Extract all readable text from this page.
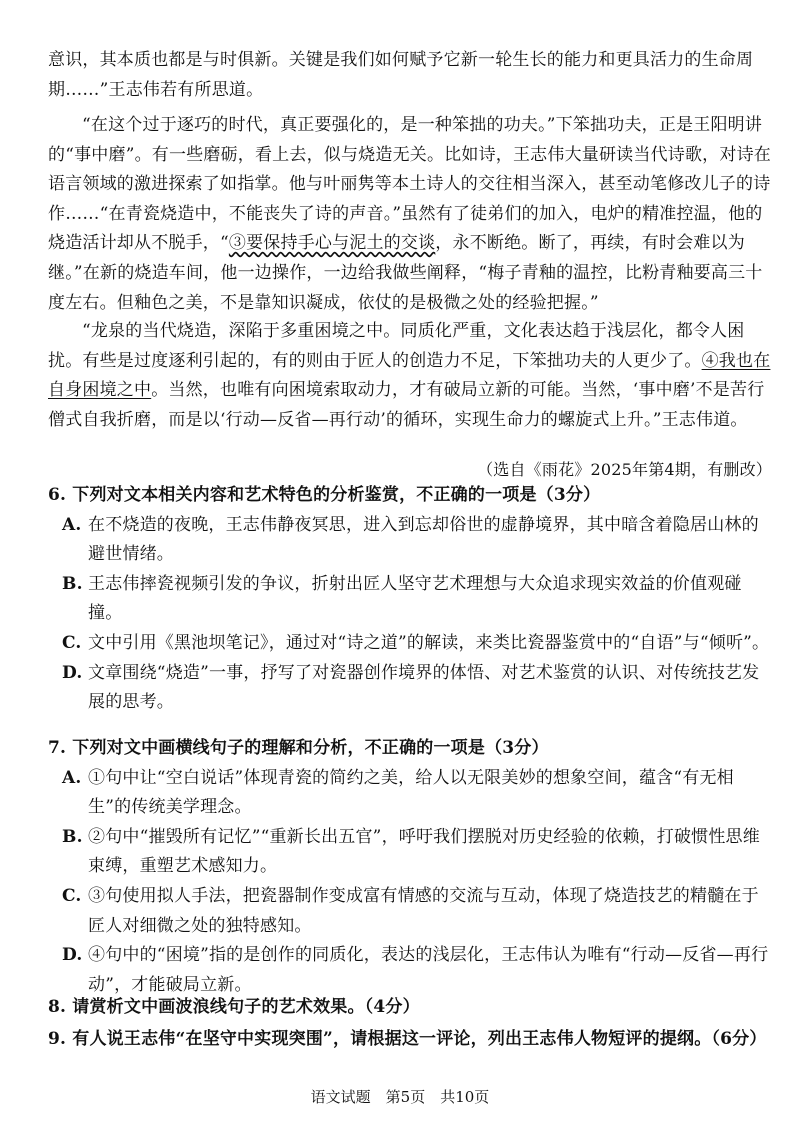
意识，其本质也都是与时俱新。关键是我们如何赋予它新一轮生长的能力和更具活力的生命周期……”王志伟若有所思道。
“在这个过于逐巧的时代，真正要强化的，是一种笨拙的功夫。”下笨拙功夫，正是王阳明讲的“事中磨”。有一些磨砺，看上去，似与烧造无关。比如诗，王志伟大量研读当代诗歌，对诗在语言领域的激进探索了如指掌。他与叶丽隽等本土诗人的交往相当深入，甚至动笔修改儿子的诗作……“在青瓷烧造中，不能丧失了诗的声音。”虽然有了徒弟们的加入，电炉的精准控温，他的烧造活计却从不脱手，“③要保持手心与泥土的交谈，永不断绝。断了，再续，有时会难以为继。”在新的烧造车间，他一边操作，一边给我做些阐释，“梅子青釉的温控，比粉青釉要高三十度左右。但釉色之美，不是靠知识凝成，依仗的是极微之处的经验把握。”
“龙泉的当代烧造，深陷于多重困境之中。同质化严重，文化表达趋于浅层化，都令人困扰。有些是过度逐利引起的，有的则由于匠人的创造力不足，下笨拙功夫的人更少了。④我也在自身困境之中。当然，也唯有向困境索取动力，才有破局立新的可能。当然，‘事中磨’不是苦行僧式自我折磨，而是以‘行动—反省—再行动’的循环，实现生命力的螺旋式上升。”王志伟道。
（选自《雨花》2025年第4期，有删改）
6. 下列对文本相关内容和艺术特色的分析鉴赏，不正确的一项是（3分）
A. 在不烧造的夜晚，王志伟静夜冥思，进入到忘却俗世的虚静境界，其中暗含着隐居山林的避世情绪。
B. 王志伟摔瓷视频引发的争议，折射出匠人坚守艺术理想与大众追求现实效益的价值观碰撞。
C. 文中引用《黑池坝笔记》，通过对“诗之道”的解读，来类比瓷器鉴赏中的“自语”与“倾听”。
D. 文章围绕“烧造”一事，抒写了对瓷器创作境界的体悟、对艺术鉴赏的认识、对传统技艺发展的思考。
7. 下列对文中画横线句子的理解和分析，不正确的一项是（3分）
A. ①句中让“空白说话”体现青瓷的简约之美，给人以无限美妙的想象空间，蕴含“有无相生”的传统美学理念。
B. ②句中“摧毁所有记忆”“重新长出五官”，呼吁我们摆脱对历史经验的依赖，打破惯性思维束缚，重塑艺术感知力。
C. ③句使用拟人手法，把瓷器制作变成富有情感的交流与互动，体现了烧造技艺的精髓在于匠人对细微之处的独特感知。
D. ④句中的“困境”指的是创作的同质化，表达的浅层化，王志伟认为唯有“行动—反省—再行动”，才能破局立新。
8. 请赏析文中画波浪线句子的艺术效果。（4分）
9. 有人说王志伟“在坚守中实现突围”，请根据这一评论，列出王志伟人物短评的提纲。（6分）
语文试题　第5页　共10页
